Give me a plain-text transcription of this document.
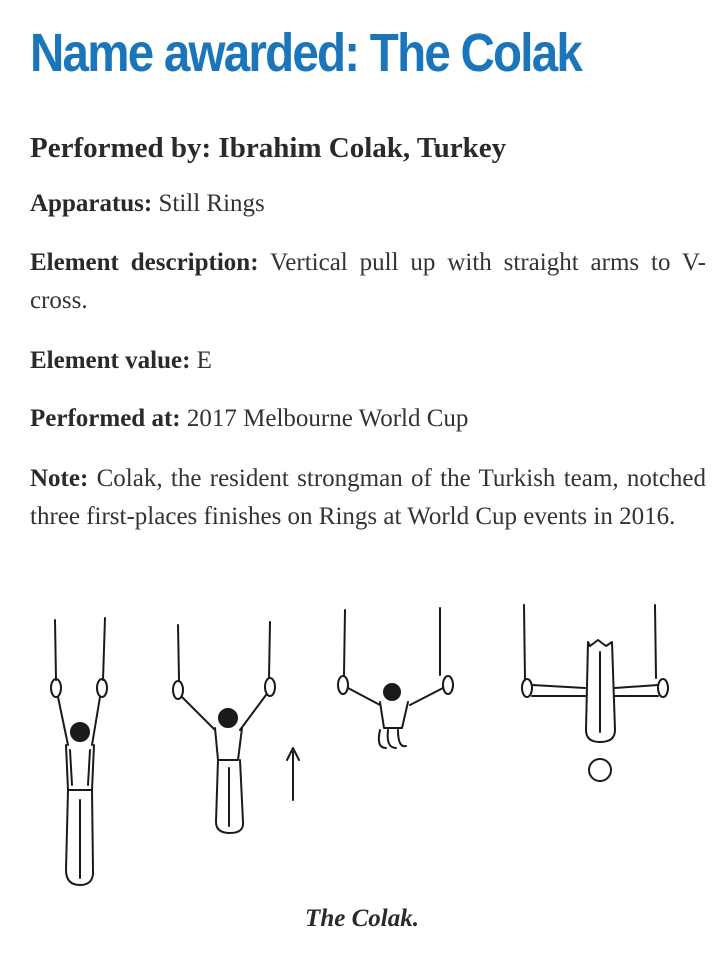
Name awarded: The Colak
Performed by: Ibrahim Colak, Turkey

Apparatus: Still Rings

Element description: Vertical pull up with straight arms to V-cross.

Element value: E

Performed at: 2017 Melbourne World Cup

Note: Colak, the resident strongman of the Turkish team, notched three first-places finishes on Rings at World Cup events in 2016.

The Colak.
